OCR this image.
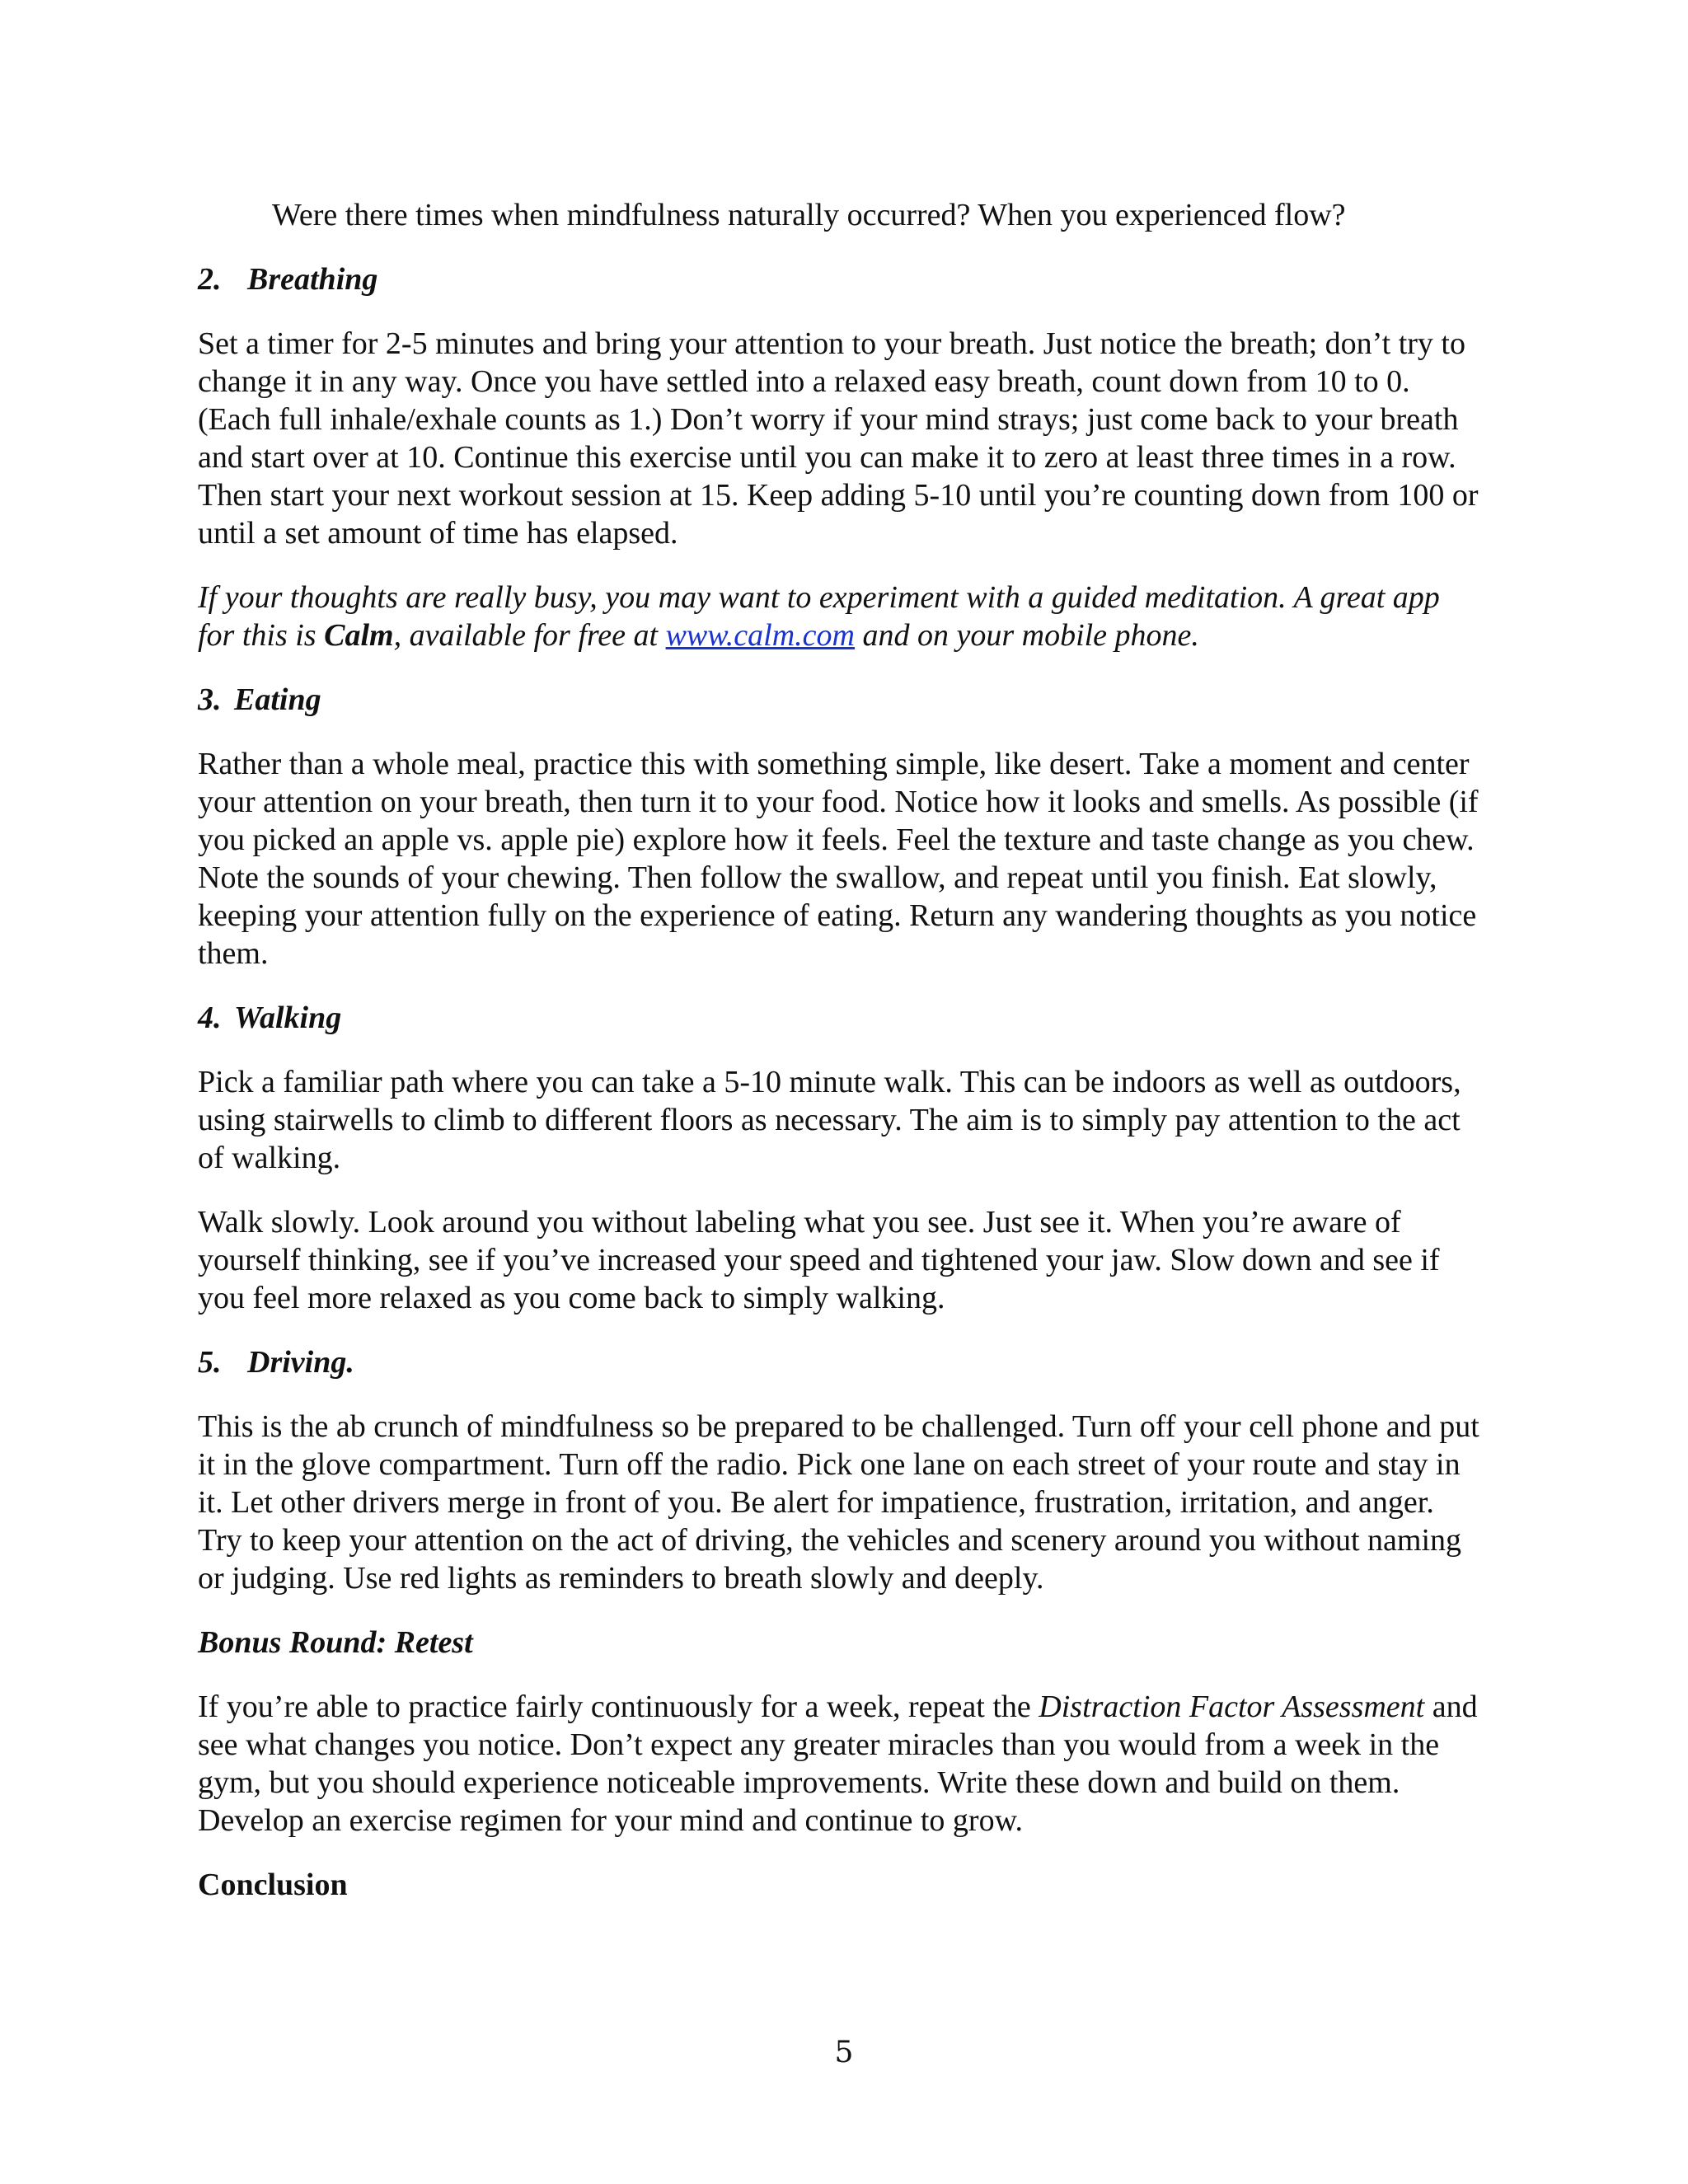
Were there times when mindfulness naturally occurred? When you experienced flow?

2. Breathing

Set a timer for 2-5 minutes and bring your attention to your breath. Just notice the breath; don’t try to change it in any way. Once you have settled into a relaxed easy breath, count down from 10 to 0. (Each full inhale/exhale counts as 1.) Don’t worry if your mind strays; just come back to your breath and start over at 10. Continue this exercise until you can make it to zero at least three times in a row. Then start your next workout session at 15. Keep adding 5-10 until you’re counting down from 100 or until a set amount of time has elapsed.

If your thoughts are really busy, you may want to experiment with a guided meditation. A great app for this is Calm, available for free at www.calm.com and on your mobile phone.

3. Eating

Rather than a whole meal, practice this with something simple, like desert. Take a moment and center your attention on your breath, then turn it to your food. Notice how it looks and smells. As possible (if you picked an apple vs. apple pie) explore how it feels. Feel the texture and taste change as you chew. Note the sounds of your chewing. Then follow the swallow, and repeat until you finish. Eat slowly, keeping your attention fully on the experience of eating. Return any wandering thoughts as you notice them.

4. Walking

Pick a familiar path where you can take a 5-10 minute walk. This can be indoors as well as outdoors, using stairwells to climb to different floors as necessary. The aim is to simply pay attention to the act of walking.

Walk slowly. Look around you without labeling what you see. Just see it. When you’re aware of yourself thinking, see if you’ve increased your speed and tightened your jaw. Slow down and see if you feel more relaxed as you come back to simply walking.

5. Driving.

This is the ab crunch of mindfulness so be prepared to be challenged. Turn off your cell phone and put it in the glove compartment. Turn off the radio. Pick one lane on each street of your route and stay in it. Let other drivers merge in front of you. Be alert for impatience, frustration, irritation, and anger. Try to keep your attention on the act of driving, the vehicles and scenery around you without naming or judging. Use red lights as reminders to breath slowly and deeply.

Bonus Round: Retest

If you’re able to practice fairly continuously for a week, repeat the Distraction Factor Assessment and see what changes you notice. Don’t expect any greater miracles than you would from a week in the gym, but you should experience noticeable improvements. Write these down and build on them. Develop an exercise regimen for your mind and continue to grow.

Conclusion
5
